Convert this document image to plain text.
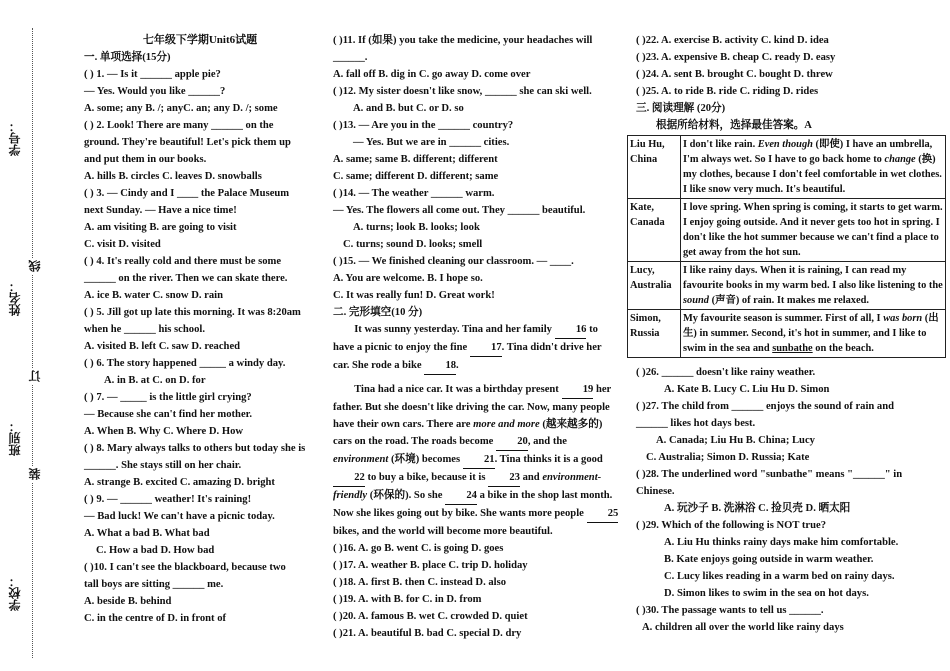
学号：
姓名：
班别：
学校：
线
订
装
七年级下学期Unit6试题
一. 单项选择(15分)
( ) 1. — Is it ______ apple pie?
— Yes. Would you like ______?
A. some; any B. /; anyC. an; any D. /; some
( ) 2. Look! There are many ______ on the
ground. They're beautiful! Let's pick them up
and put them in our books.
A. hills B. circles C. leaves D. snowballs
( ) 3. — Cindy and I ____ the Palace Museum
next Sunday. — Have a nice time!
A. am visiting B. are going to visit
C. visit D. visited
( ) 4. It's really cold and there must be some
______ on the river. Then we can skate there.
A. ice B. water C. snow D. rain
( ) 5. Jill got up late this morning. It was 8:20am
when he ______ his school.
A. visited B. left C. saw D. reached
( ) 6. The story happened _____ a windy day.
A. in B. at C. on D. for
( ) 7. — _____ is the little girl crying?
— Because she can't find her mother.
A. When B. Why C. Where D. How
( ) 8. Mary always talks to others but today she is
______. She stays still on her chair.
A. strange B. excited C. amazing D. bright
( ) 9. — ______ weather! It's raining!
— Bad luck! We can't have a picnic today.
A. What a bad B. What bad
C. How a bad D. How bad
( )10. I can't see the blackboard, because two
tall boys are sitting ______ me.
A. beside B. behind
C. in the centre of D. in front of
( )11. If (如果) you take the medicine, your headaches will
______.
A. fall off B. dig in C. go away D. come over
( )12. My sister doesn't like snow, ______ she can ski well.
A. and B. but C. or D. so
( )13. — Are you in the ______ country?
— Yes. But we are in ______ cities.
A. same; same B. different; different
C. same; different D. different; same
( )14. — The weather ______ warm.
— Yes. The flowers all come out. They ______ beautiful.
A. turns; look B. looks; look
C. turns; sound D. looks; smell
( )15. — We finished cleaning our classroom. — ____.
A. You are welcome. B. I hope so.
C. It was really fun! D. Great work!
二. 完形填空(10 分)
It was sunny yesterday. Tina and her family 16 to have a picnic to enjoy the fine 17. Tina didn't drive her car. She rode a bike 18.
Tina had a nice car. It was a birthday present 19 her father. But she doesn't like driving the car. Now, many people have their own cars. There are more and more (越来越多的) cars on the road. The roads become 20, and the environment (环境) becomes 21. Tina thinks it is a good 22 to buy a bike, because it is 23 and environment-friendly (环保的). So she 24 a bike in the shop last month. Now she likes going out by bike. She wants more people 25 bikes, and the world will become more beautiful.
( )16. A. go B. went C. is going D. goes
( )17. A. weather B. place C. trip D. holiday
( )18. A. first B. then C. instead D. also
( )19. A. with B. for C. in D. from
( )20. A. famous B. wet C. crowded D. quiet
( )21. A. beautiful B. bad C. special D. dry
( )22. A. exercise B. activity C. kind D. idea
( )23. A. expensive B. cheap C. ready D. easy
( )24. A. sent B. brought C. bought D. threw
( )25. A. to ride B. ride C. riding D. rides
三. 阅读理解 (20分)
根据所给材料，选择最佳答案。A
Liu Hu, China	I don't like rain. Even though (即使) I have an umbrella, I'm always wet. So I have to go back home to change (换) my clothes, because I don't feel comfortable in wet clothes. I like snow very much. It's beautiful.
Kate, Canada	I love spring. When spring is coming, it starts to get warm. I enjoy going outside. And it never gets too hot in spring. I don't like the hot summer because we can't find a place to get away from the hot sun.
Lucy, Australia	I like rainy days. When it is raining, I can read my favourite books in my warm bed. I also like listening to the sound (声音) of rain. It makes me relaxed.
Simon, Russia	My favourite season is summer. First of all, I was born (出生) in summer. Second, it's hot in summer, and I like to swim in the sea and sunbathe on the beach.
( )26. ______ doesn't like rainy weather.
A. Kate B. Lucy C. Liu Hu D. Simon
( )27. The child from ______ enjoys the sound of rain and
______ likes hot days best.
A. Canada; Liu Hu B. China; Lucy
C. Australia; Simon D. Russia; Kate
( )28. The underlined word "sunbathe" means "______" in
Chinese.
A. 玩沙子 B. 洗淋浴 C. 捡贝壳 D. 晒太阳
( )29. Which of the following is NOT true?
A. Liu Hu thinks rainy days make him comfortable.
B. Kate enjoys going outside in warm weather.
C. Lucy likes reading in a warm bed on rainy days.
D. Simon likes to swim in the sea on hot days.
( )30. The passage wants to tell us ______.
A. children all over the world like rainy days
